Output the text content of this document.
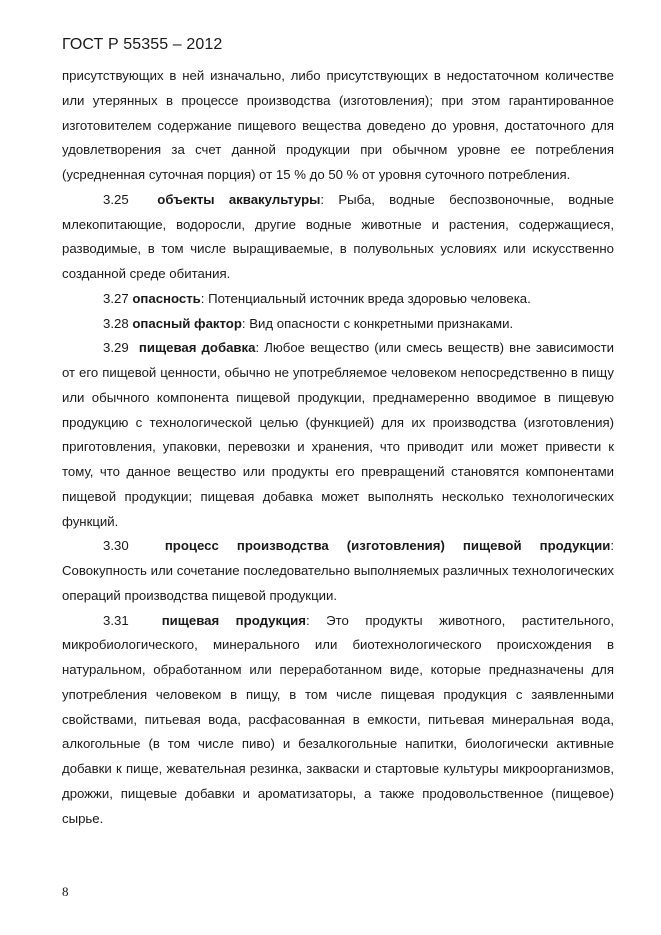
ГОСТ Р 55355 – 2012

присутствующих в ней изначально, либо присутствующих в недостаточном количестве или утерянных в процессе производства (изготовления); при этом гарантированное изготовителем содержание пищевого вещества доведено до уровня, достаточного для удовлетворения за счет данной продукции при обычном уровне ее потребления (усредненная суточная порция) от 15 % до 50 % от уровня суточного потребления.

3.25 объекты аквакультуры: Рыба, водные беспозвоночные, водные млекопитающие, водоросли, другие водные животные и растения, содержащиеся, разводимые, в том числе выращиваемые, в полувольных условиях или искусственно созданной среде обитания.

3.27 опасность: Потенциальный источник вреда здоровью человека.

3.28 опасный фактор: Вид опасности с конкретными признаками.

3.29 пищевая добавка: Любое вещество (или смесь веществ) вне зависимости от его пищевой ценности, обычно не употребляемое человеком непосредственно в пищу или обычного компонента пищевой продукции, преднамеренно вводимое в пищевую продукцию с технологической целью (функцией) для их производства (изготовления) приготовления, упаковки, перевозки и хранения, что приводит или может привести к тому, что данное вещество или продукты его превращений становятся компонентами пищевой продукции; пищевая добавка может выполнять несколько технологических функций.

3.30	процесс производства (изготовления) пищевой продукции: Совокупность или сочетание последовательно выполняемых различных технологических операций производства пищевой продукции.

3.31	пищевая продукция: Это продукты животного, растительного, микробиологического, минерального или биотехнологического происхождения в натуральном, обработанном или переработанном виде, которые предназначены для употребления человеком в пищу, в том числе пищевая продукция с заявленными свойствами, питьевая вода, расфасованная в емкости, питьевая минеральная вода, алкогольные (в том числе пиво) и безалкогольные напитки, биологически активные добавки к пище, жевательная резинка, закваски и стартовые культуры микроорганизмов, дрожжи, пищевые добавки и ароматизаторы, а также продовольственное (пищевое) сырье.

8
